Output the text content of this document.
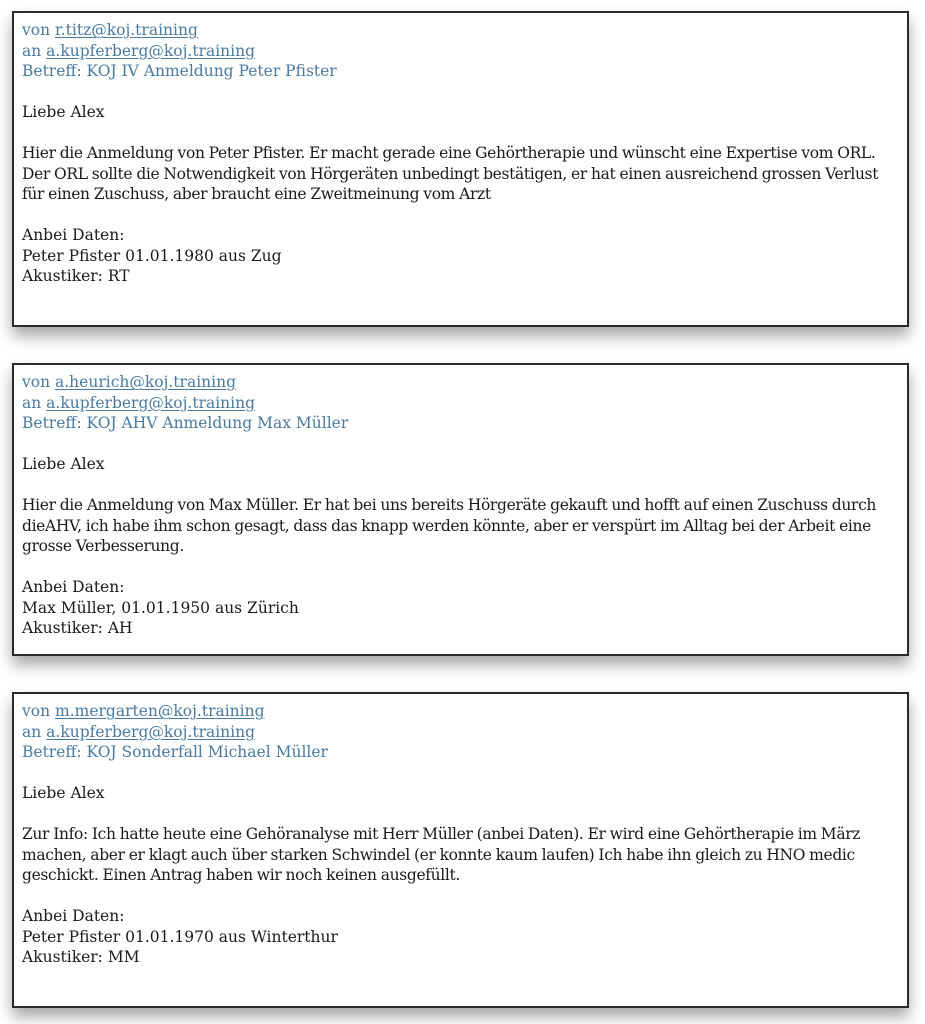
von r.titz@koj.training
an a.kupferberg@koj.training
Betreff: KOJ IV Anmeldung Peter Pfister
Liebe Alex
Hier die Anmeldung von Peter Pfister. Er macht gerade eine Gehörtherapie und wünscht eine Expertise vom ORL. Der ORL sollte die Notwendigkeit von Hörgeräten unbedingt bestätigen, er hat einen ausreichend grossen Verlust für einen Zuschuss, aber braucht eine Zweitmeinung vom Arzt
Anbei Daten:
Peter Pfister 01.01.1980 aus Zug
Akustiker: RT
von a.heurich@koj.training
an a.kupferberg@koj.training
Betreff: KOJ AHV Anmeldung Max Müller
Liebe Alex
Hier die Anmeldung von Max Müller. Er hat bei uns bereits Hörgeräte gekauft und hofft auf einen Zuschuss durch dieAHV, ich habe ihm schon gesagt, dass das knapp werden könnte, aber er verspürt im Alltag bei der Arbeit eine grosse Verbesserung.
Anbei Daten:
Max Müller, 01.01.1950 aus Zürich
Akustiker: AH
von m.mergarten@koj.training
an a.kupferberg@koj.training
Betreff: KOJ Sonderfall Michael Müller
Liebe Alex
Zur Info: Ich hatte heute eine Gehöranalyse mit Herr Müller (anbei Daten). Er wird eine Gehörtherapie im März machen, aber er klagt auch über starken Schwindel (er konnte kaum laufen) Ich habe ihn gleich zu HNO medic geschickt. Einen Antrag haben wir noch keinen ausgefüllt.
Anbei Daten:
Peter Pfister 01.01.1970 aus Winterthur
Akustiker: MM
